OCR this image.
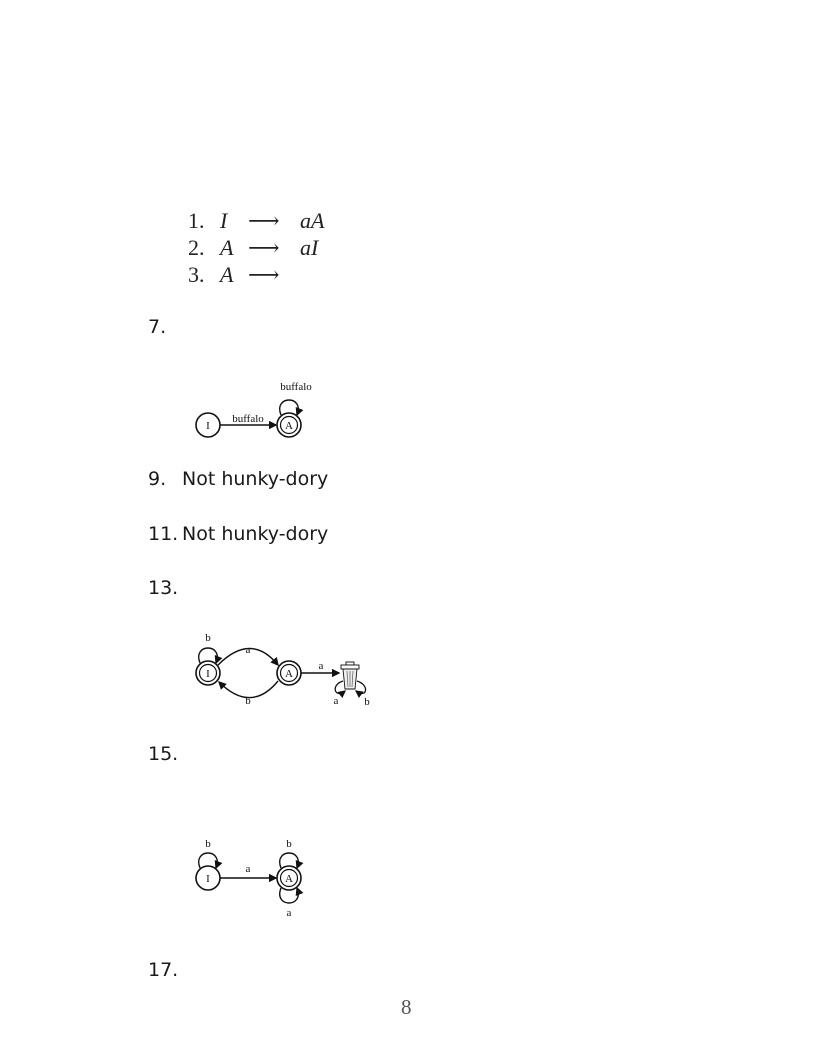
1. I ⟶ aA
2. A ⟶ aI
3. A ⟶
7.
I	A
buffalo
buffalo
9. Not hunky-dory
11. Not hunky-dory
13.
I	A
b
a
b
a
a b
15.
I	A
b
a
b
a
17.
8
